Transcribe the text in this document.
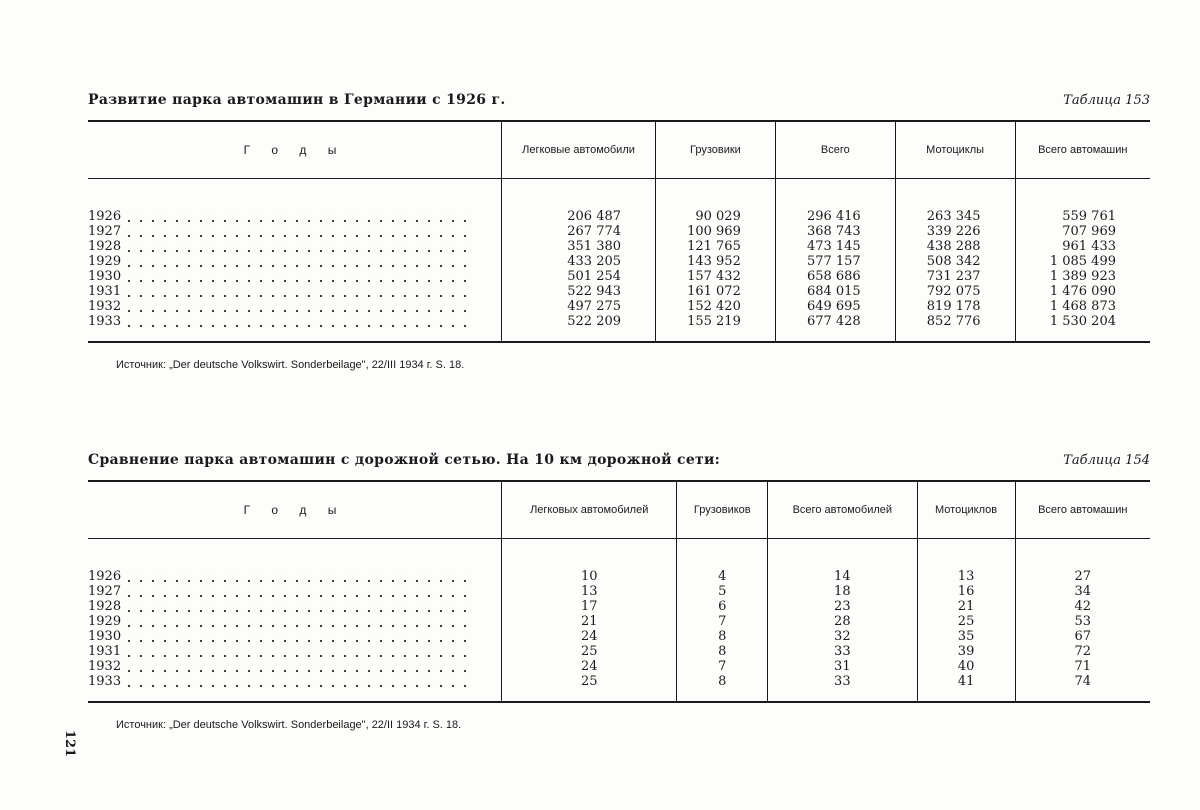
Развитие парка автомашин в Германии с 1926 г.	Таблица 153
Г о д ы	Легковые автомобили	Грузовики	Всего	Мотоциклы	Всего автомашин

1926	206 487	90 029	296 416	263 345	559 761
1927	267 774	100 969	368 743	339 226	707 969
1928	351 380	121 765	473 145	438 288	961 433
1929	433 205	143 952	577 157	508 342	1 085 499
1930	501 254	157 432	658 686	731 237	1 389 923
1931	522 943	161 072	684 015	792 075	1 476 090
1932	497 275	152 420	649 695	819 178	1 468 873
1933	522 209	155 219	677 428	852 776	1 530 204

Источник: „Der deutsche Volkswirt. Sonderbeilage", 22/III 1934 г. S. 18.
Сравнение парка автомашин с дорожной сетью. На 10 км дорожной сети:	Таблица 154
Г о д ы	Легковых автомобилей	Грузовиков	Всего автомобилей	Мотоциклов	Всего автомашин

1926	10	4	14	13	27
1927	13	5	18	16	34
1928	17	6	23	21	42
1929	21	7	28	25	53
1930	24	8	32	35	67
1931	25	8	33	39	72
1932	24	7	31	40	71
1933	25	8	33	41	74

Источник: „Der deutsche Volkswirt. Sonderbeilage", 22/II 1934 г. S. 18.
121
